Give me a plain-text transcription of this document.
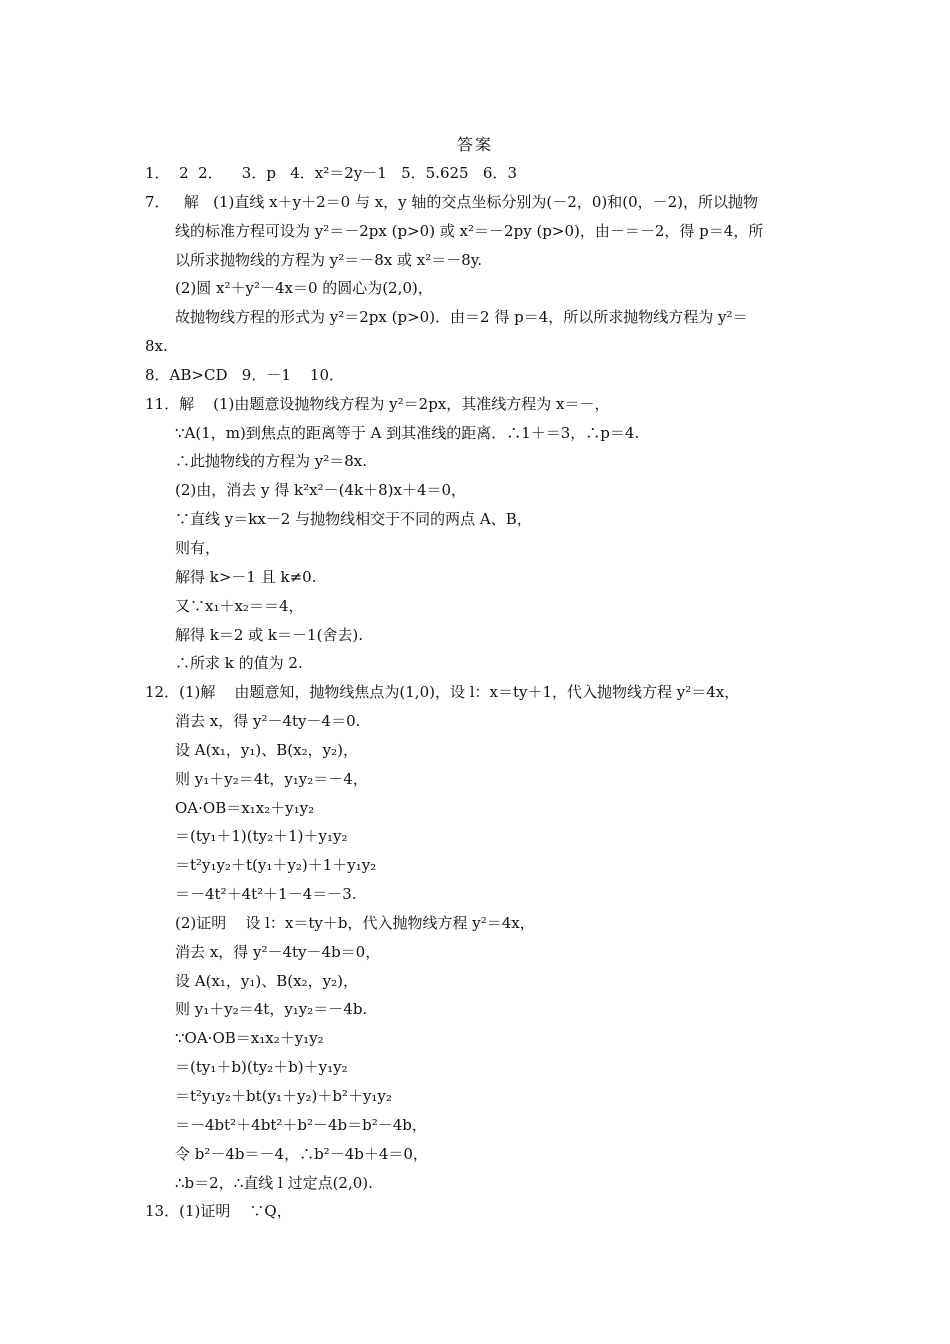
答案
1．  2  2．    3．p   4．x²＝2y－1   5．5.625   6．3
7．   解   (1)直线 x＋y＋2＝0 与 x，y 轴的交点坐标分别为(－2，0)和(0，－2)，所以抛物
线的标准方程可设为 y²＝－2px (p>0) 或 x²＝－2py (p>0)，由－＝－2，得 p＝4，所
以所求抛物线的方程为 y²＝－8x 或 x²＝－8y.
(2)圆 x²＋y²－4x＝0 的圆心为(2,0)，
故抛物线方程的形式为 y²＝2px (p>0)．由＝2 得 p＝4，所以所求抛物线方程为 y²＝
8x.
8．AB>CD   9．－1    10．
11．解    (1)由题意设抛物线方程为 y²＝2px，其准线方程为 x＝－，
∵A(1，m)到焦点的距离等于 A 到其准线的距离．∴1＋＝3，∴p＝4.
∴此抛物线的方程为 y²＝8x.
(2)由，消去 y 得 k²x²－(4k＋8)x＋4＝0，
∵直线 y＝kx－2 与抛物线相交于不同的两点 A、B，
则有，
解得 k>－1 且 k≠0.
又∵x₁＋x₂＝＝4，
解得 k＝2 或 k＝－1(舍去).
∴所求 k 的值为 2.
12．(1)解    由题意知，抛物线焦点为(1,0)，设 l：x＝ty＋1，代入抛物线方程 y²＝4x，
消去 x，得 y²－4ty－4＝0.
设 A(x₁，y₁)、B(x₂，y₂)，
则 y₁＋y₂＝4t，y₁y₂＝－4，
OA·OB＝x₁x₂＋y₁y₂
＝(ty₁＋1)(ty₂＋1)＋y₁y₂
＝t²y₁y₂＋t(y₁＋y₂)＋1＋y₁y₂
＝－4t²＋4t²＋1－4＝－3.
(2)证明    设 l：x＝ty＋b，代入抛物线方程 y²＝4x，
消去 x，得 y²－4ty－4b＝0，
设 A(x₁，y₁)、B(x₂，y₂)，
则 y₁＋y₂＝4t，y₁y₂＝－4b.
∵OA·OB＝x₁x₂＋y₁y₂
＝(ty₁＋b)(ty₂＋b)＋y₁y₂
＝t²y₁y₂＋bt(y₁＋y₂)＋b²＋y₁y₂
＝－4bt²＋4bt²＋b²－4b＝b²－4b，
令 b²－4b＝－4，∴b²－4b＋4＝0，
∴b＝2，∴直线 l 过定点(2,0).
13．(1)证明    ∵Q，
